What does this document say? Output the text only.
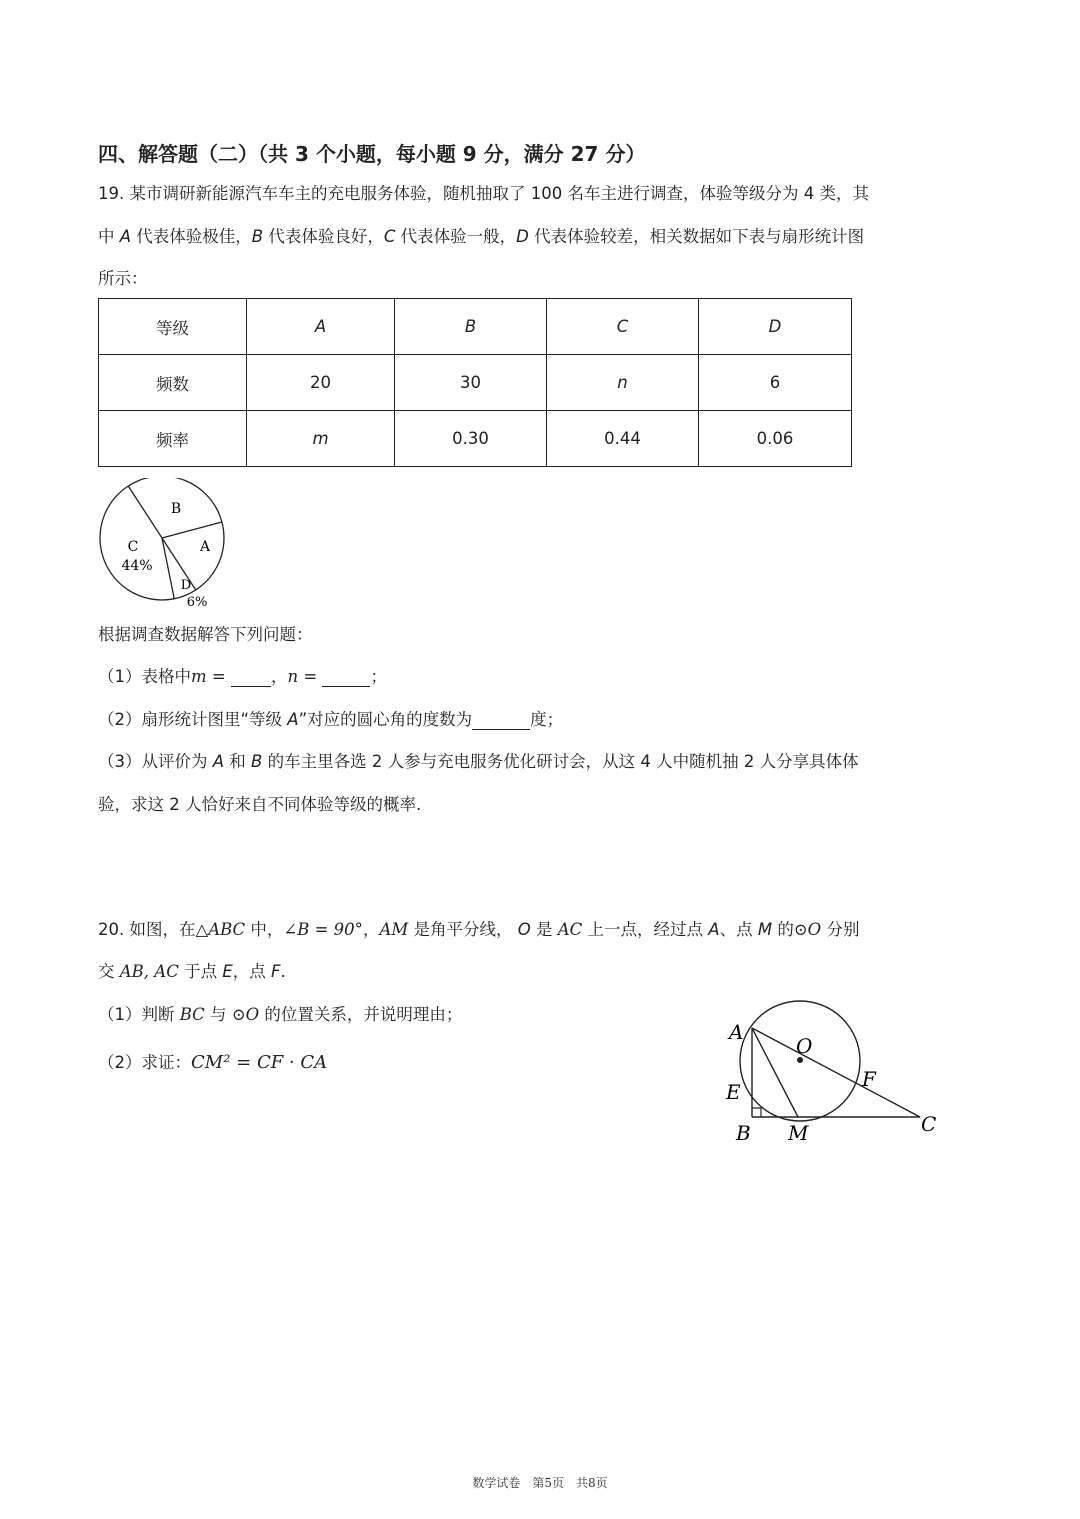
四、解答题（二）（共 3 个小题，每小题 9 分，满分 27 分）
19. 某市调研新能源汽车车主的充电服务体验，随机抽取了 100 名车主进行调查，体验等级分为 4 类，其
中 A 代表体验极佳，B 代表体验良好，C 代表体验一般，D 代表体验较差，相关数据如下表与扇形统计图
所示：
等级	A	B	C	D
频数	20	30	n	6
频率	m	0.30	0.44	0.06
B
A
C
44%
D
6%
根据调查数据解答下列问题：
（1）表格中m = ，n =	；
（2）扇形统计图里“等级 A”对应的圆心角的度数为	度；
（3）从评价为 A 和 B 的车主里各选 2 人参与充电服务优化研讨会，从这 4 人中随机抽 2 人分享具体体
验，求这 2 人恰好来自不同体验等级的概率.
20. 如图，在△ABC 中，∠B = 90°，AM 是角平分线， O 是 AC 上一点，经过点 A、点 M 的⊙O 分别
交 AB, AC 于点 E，点 F.
（1）判断 BC 与 ⊙O 的位置关系，并说明理由；
（2）求证：CM² = CF · CA
A
O
F
E
B M	C
数学试卷　第5页　共8页
